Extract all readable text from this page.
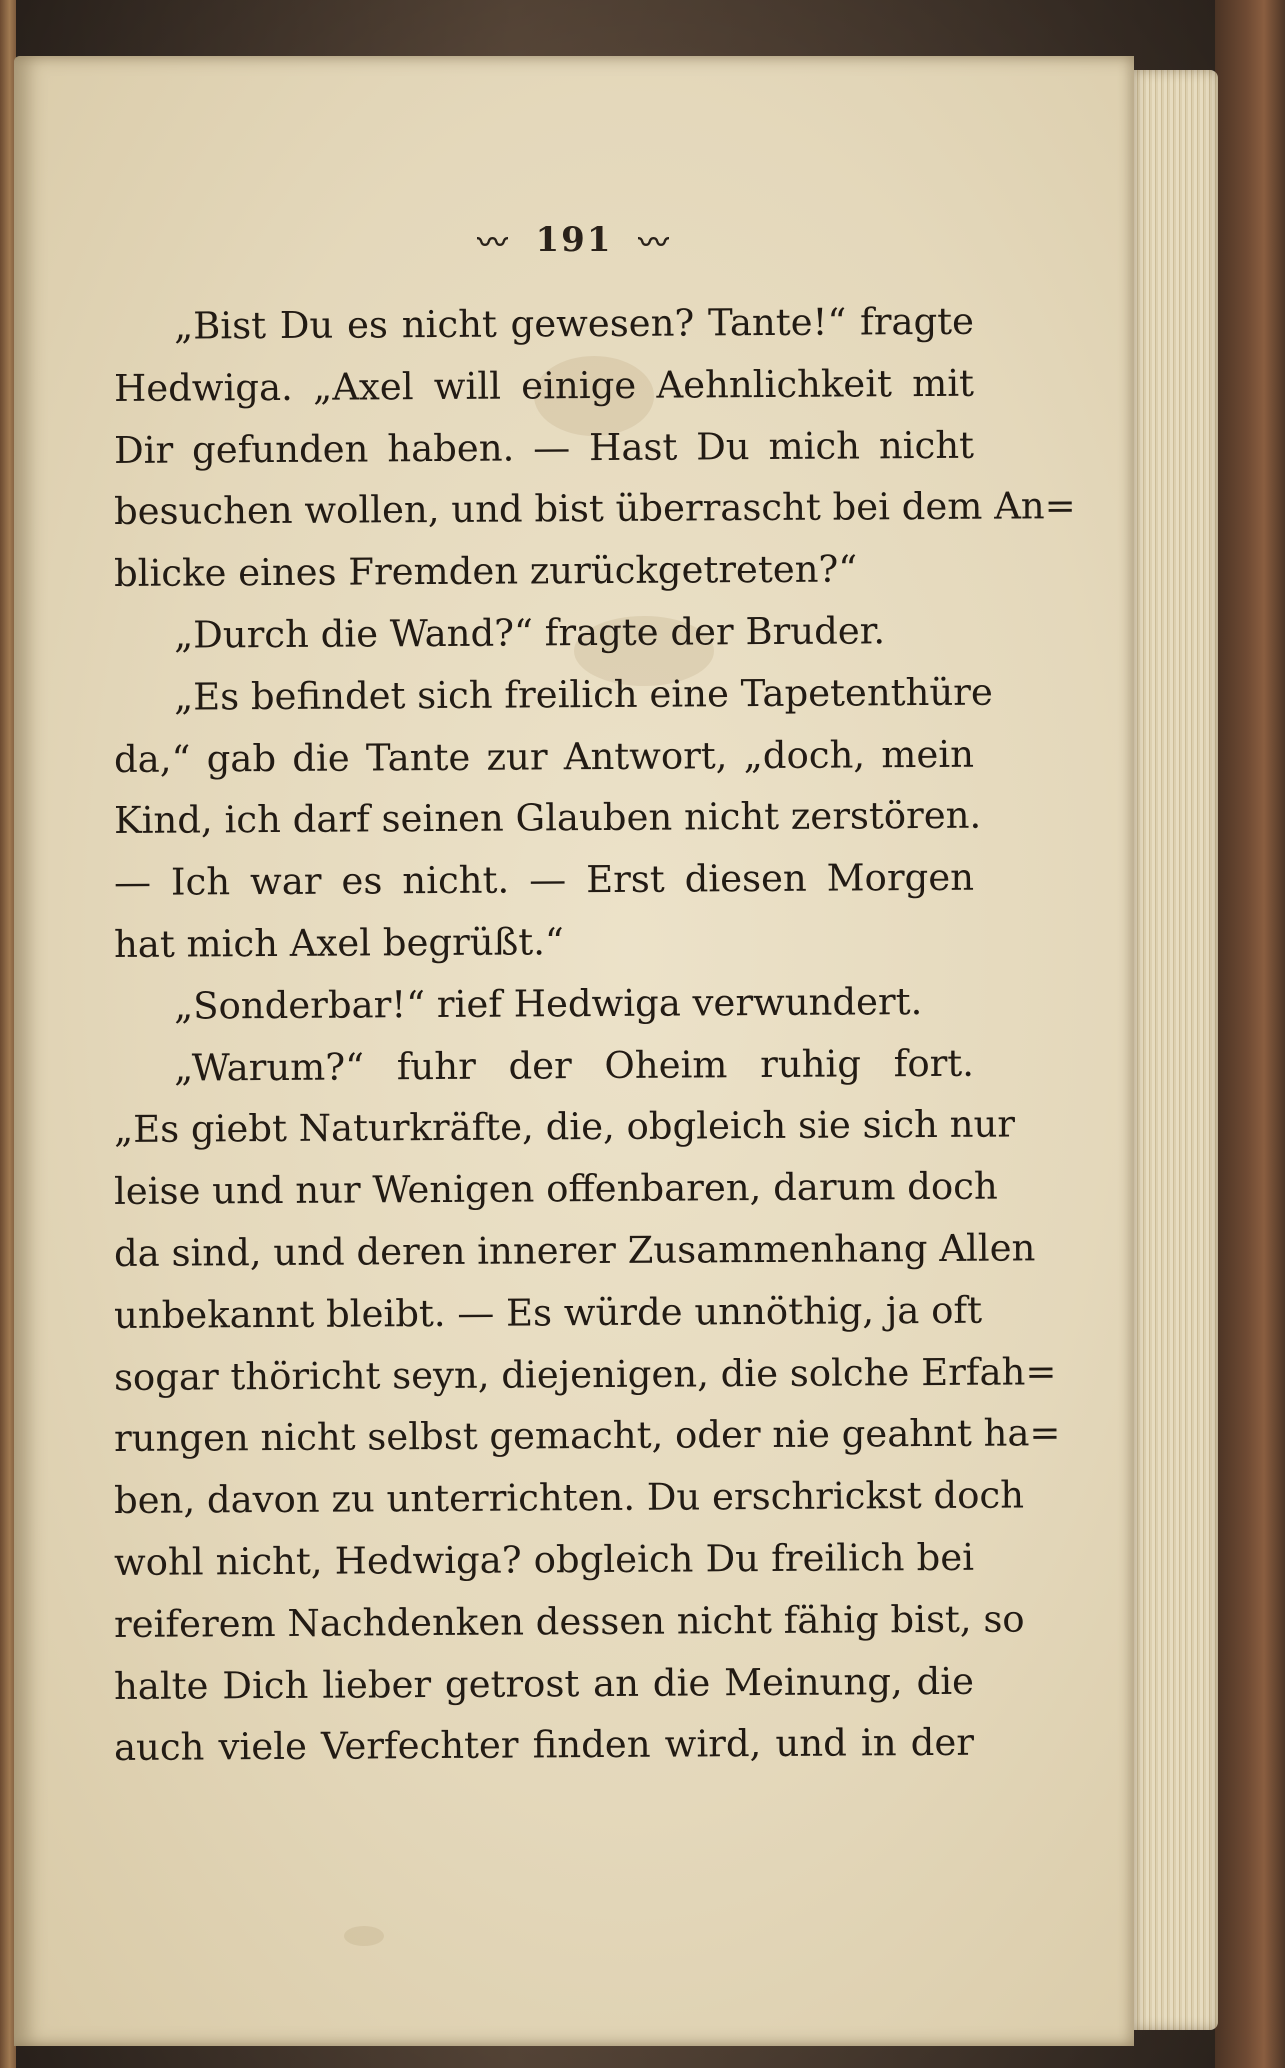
〰 191 〰
„Bist Du es nicht gewesen? Tante!“ fragte
Hedwiga. „Axel will einige Aehnlichkeit mit
Dir gefunden haben. — Hast Du mich nicht
besuchen wollen, und bist überrascht bei dem An=
blicke eines Fremden zurückgetreten?“
„Durch die Wand?“ fragte der Bruder.
„Es befindet sich freilich eine Tapetenthüre
da,“ gab die Tante zur Antwort, „doch, mein
Kind, ich darf seinen Glauben nicht zerstören.
— Ich war es nicht. — Erst diesen Morgen
hat mich Axel begrüßt.“
„Sonderbar!“ rief Hedwiga verwundert.
„Warum?“ fuhr der Oheim ruhig fort.
„Es giebt Naturkräfte, die, obgleich sie sich nur
leise und nur Wenigen offenbaren, darum doch
da sind, und deren innerer Zusammenhang Allen
unbekannt bleibt. — Es würde unnöthig, ja oft
sogar thöricht seyn, diejenigen, die solche Erfah=
rungen nicht selbst gemacht, oder nie geahnt ha=
ben, davon zu unterrichten. Du erschrickst doch
wohl nicht, Hedwiga? obgleich Du freilich bei
reiferem Nachdenken dessen nicht fähig bist, so
halte Dich lieber getrost an die Meinung, die
auch viele Verfechter finden wird, und in der
